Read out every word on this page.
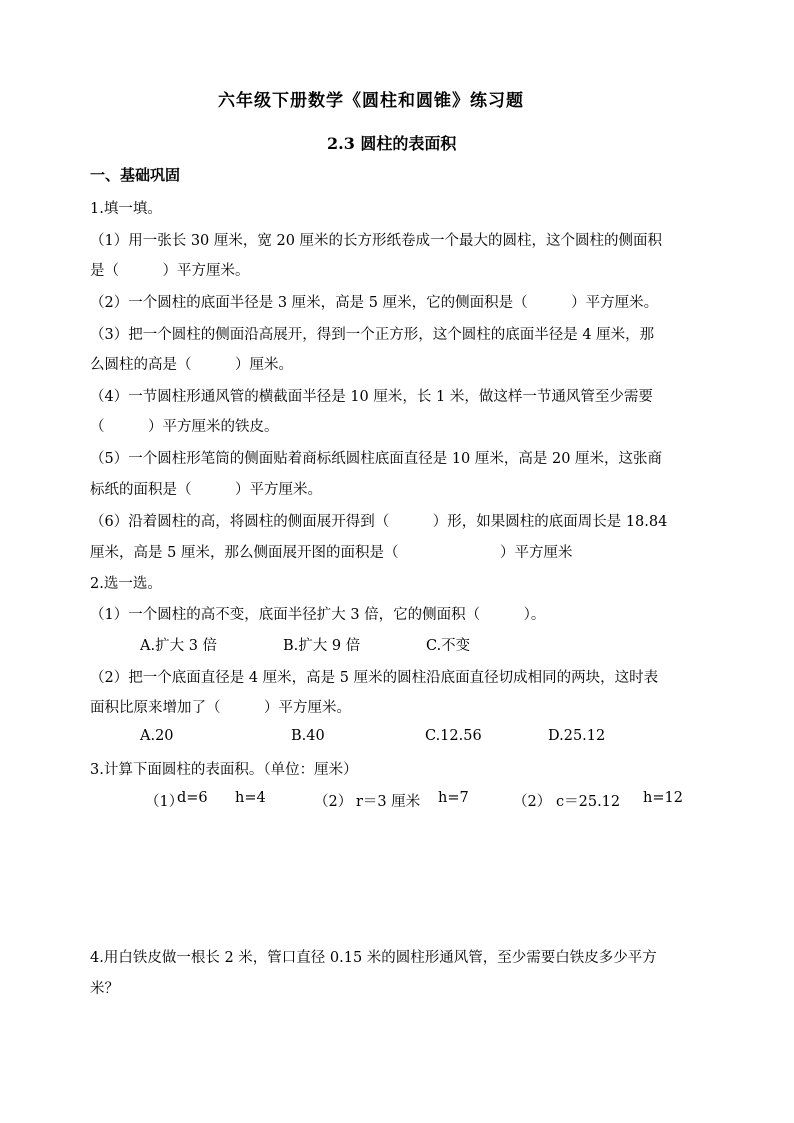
六年级下册数学《圆柱和圆锥》练习题
2.3 圆柱的表面积
一、基础巩固
1.填一填。
（1）用一张长 30 厘米，宽 20 厘米的长方形纸卷成一个最大的圆柱，这个圆柱的侧面积
是（　　　）平方厘米。
（2）一个圆柱的底面半径是 3 厘米，高是 5 厘米，它的侧面积是（　　　）平方厘米。
（3）把一个圆柱的侧面沿高展开，得到一个正方形，这个圆柱的底面半径是 4 厘米，那
么圆柱的高是（　　　）厘米。
（4）一节圆柱形通风管的横截面半径是 10 厘米，长 1 米，做这样一节通风管至少需要
（　　　）平方厘米的铁皮。
（5）一个圆柱形笔筒的侧面贴着商标纸圆柱底面直径是 10 厘米，高是 20 厘米，这张商
标纸的面积是（　　　）平方厘米。
（6）沿着圆柱的高，将圆柱的侧面展开得到（　　　）形，如果圆柱的底面周长是 18.84
厘米，高是 5 厘米，那么侧面展开图的面积是（　　　　　　　）平方厘米
2.选一选。
（1）一个圆柱的高不变，底面半径扩大 3 倍，它的侧面积（　　　）。
A.扩大 3 倍	B.扩大 9 倍	C.不变
（2）把一个底面直径是 4 厘米，高是 5 厘米的圆柱沿底面直径切成相同的两块，这时表
面积比原来增加了（　　　）平方厘米。
A.20	B.40	C.12.56	D.25.12
3.计算下面圆柱的表面积。（单位：厘米）
（1）
d=6 h=4	（2） r＝3 厘米 h=7	（2） c＝25.12 h=12
4.用白铁皮做一根长 2 米，管口直径 0.15 米的圆柱形通风管，至少需要白铁皮多少平方
米？
